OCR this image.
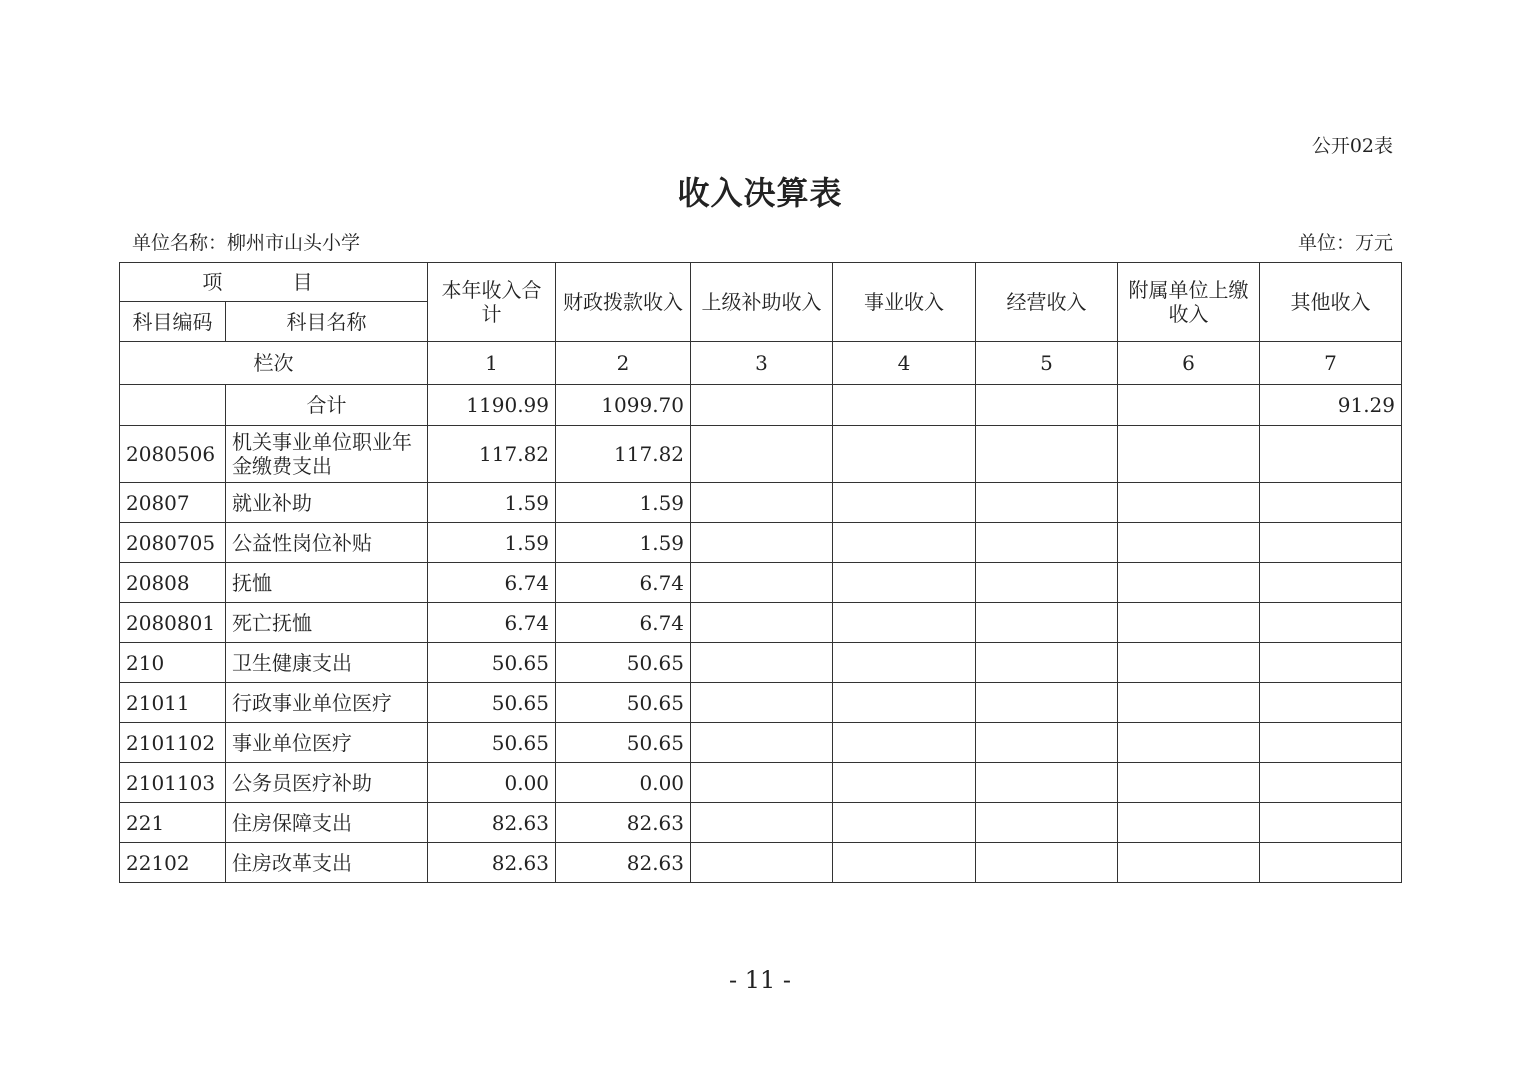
公开02表
收入决算表
单位名称：柳州市山头小学	单位：万元
项 目		本年收入合计	财政拨款收入	上级补助收入	事业收入	经营收入	附属单位上缴收入	其他收入
科目编码	科目名称							
栏次		1	2	3	4	5	6	7
	合计	1190.99	1099.70					91.29
2080506	机关事业单位职业年金缴费支出	117.82	117.82					
20807	就业补助	1.59	1.59					
2080705	公益性岗位补贴	1.59	1.59					
20808	抚恤	6.74	6.74					
2080801	死亡抚恤	6.74	6.74					
210	卫生健康支出	50.65	50.65					
21011	行政事业单位医疗	50.65	50.65					
2101102	事业单位医疗	50.65	50.65					
2101103	公务员医疗补助	0.00	0.00					
221	住房保障支出	82.63	82.63					
22102	住房改革支出	82.63	82.63					
- 11 -
